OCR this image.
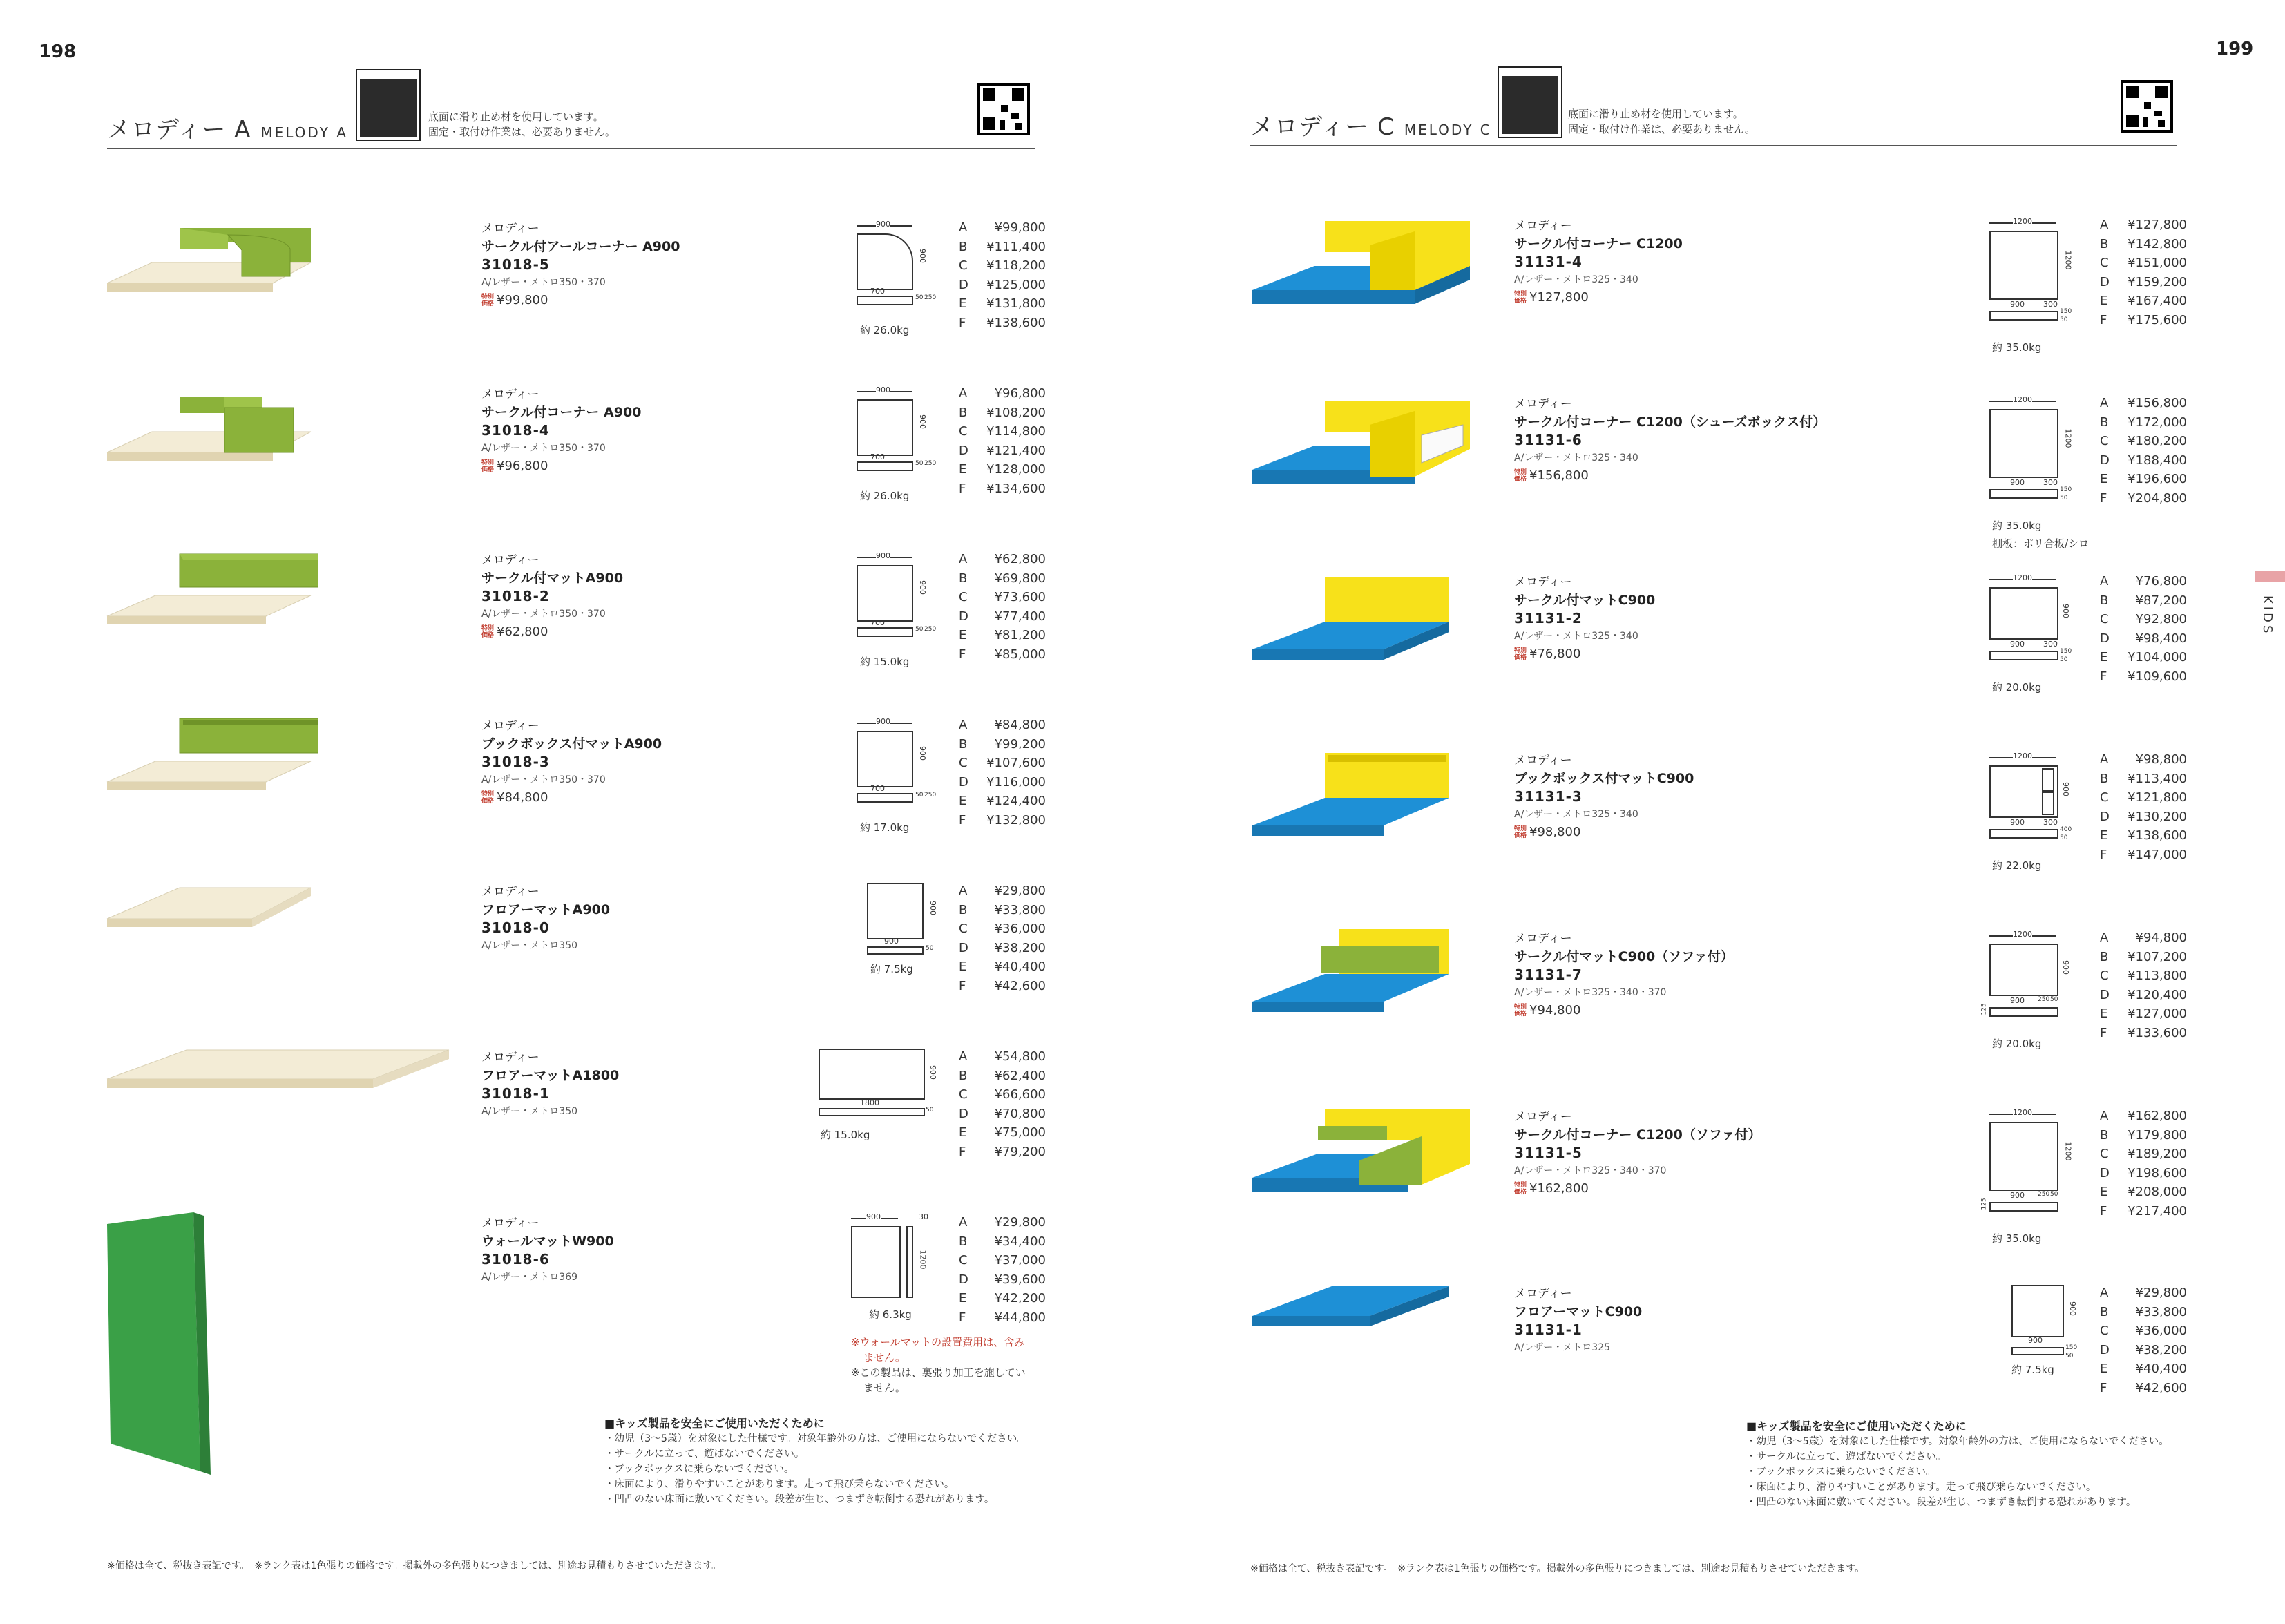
198
メロディー A MELODY A
底面に滑り止め材を使用しています。
固定・取付け作業は、必要ありません。
メロディー
サークル付アールコーナー A900
31018-5
A/レザー・メトロ350・370
特別価格 ¥99,800
メロディー
サークル付コーナー A900
31018-4
A/レザー・メトロ350・370
特別価格 ¥96,800
メロディー
サークル付マットA900
31018-2
A/レザー・メトロ350・370
特別価格 ¥62,800
メロディー
ブックボックス付マットA900
31018-3
A/レザー・メトロ350・370
特別価格 ¥84,800
メロディー
フロアーマットA900
31018-0
A/レザー・メトロ350
メロディー
フロアーマットA1800
31018-1
A/レザー・メトロ350
メロディー
ウォールマットW900
31018-6
A/レザー・メトロ369
900
900
700
50 250
約 26.0kg
900
900
700
50 250
約 26.0kg
900
900
700
50 250
約 15.0kg
900
900
700
50 250
約 17.0kg
900
900
50
約 7.5kg
900
1800
50
約 15.0kg
900	30
1200
約 6.3kg
A	¥99,800
B	¥111,400
C	¥118,200
D	¥125,000
E	¥131,800
F	¥138,600
A	¥96,800
B	¥108,200
C	¥114,800
D	¥121,400
E	¥128,000
F	¥134,600
A	¥62,800
B	¥69,800
C	¥73,600
D	¥77,400
E	¥81,200
F	¥85,000
A	¥84,800
B	¥99,200
C	¥107,600
D	¥116,000
E	¥124,400
F	¥132,800
A	¥29,800
B	¥33,800
C	¥36,000
D	¥38,200
E	¥40,400
F	¥42,600
A	¥54,800
B	¥62,400
C	¥66,600
D	¥70,800
E	¥75,000
F	¥79,200
A	¥29,800
B	¥34,400
C	¥37,000
D	¥39,600
E	¥42,200
F	¥44,800
※ウォールマットの設置費用は、含み
ません。
※この製品は、裏張り加工を施してい
ません。
■キッズ製品を安全にご使用いただくために
・幼児（3～5歳）を対象にした仕様です。対象年齢外の方は、ご使用にならないでください。
・サークルに立って、遊ばないでください。
・ブックボックスに乗らないでください。
・床面により、滑りやすいことがあります。走って飛び乗らないでください。
・凹凸のない床面に敷いてください。段差が生じ、つまずき転倒する恐れがあります。
※価格は全て、税抜き表記です。　※ランク表は1色張りの価格です。掲載外の多色張りにつきましては、別途お見積もりさせていただきます。
199
メロディー C MELODY C
底面に滑り止め材を使用しています。
固定・取付け作業は、必要ありません。
KIDS
メロディー
サークル付コーナー C1200
31131-4
A/レザー・メトロ325・340
特別価格 ¥127,800
メロディー
サークル付コーナー C1200（シューズボックス付）
31131-6
A/レザー・メトロ325・340
特別価格 ¥156,800
メロディー
サークル付マットC900
31131-2
A/レザー・メトロ325・340
特別価格 ¥76,800
メロディー
ブックボックス付マットC900
31131-3
A/レザー・メトロ325・340
特別価格 ¥98,800
メロディー
サークル付マットC900（ソファ付）
31131-7
A/レザー・メトロ325・340・370
特別価格 ¥94,800
メロディー
サークル付コーナー C1200（ソファ付）
31131-5
A/レザー・メトロ325・340・370
特別価格 ¥162,800
メロディー
フロアーマットC900
31131-1
A/レザー・メトロ325
1200
1200
900 300
150
50
約 35.0kg
1200
1200
900 300
150
50
約 35.0kg
棚板：ポリ合板/シロ
1200
900
900 300
150
50
約 20.0kg
1200
900
900 300
400
50
約 22.0kg
1200
900
900 250 50
125
約 20.0kg
1200
1200
900 250 50
125
約 35.0kg
900
900
150
50
約 7.5kg
A	¥127,800
B	¥142,800
C	¥151,000
D	¥159,200
E	¥167,400
F	¥175,600
A	¥156,800
B	¥172,000
C	¥180,200
D	¥188,400
E	¥196,600
F	¥204,800
A	¥76,800
B	¥87,200
C	¥92,800
D	¥98,400
E	¥104,000
F	¥109,600
A	¥98,800
B	¥113,400
C	¥121,800
D	¥130,200
E	¥138,600
F	¥147,000
A	¥94,800
B	¥107,200
C	¥113,800
D	¥120,400
E	¥127,000
F	¥133,600
A	¥162,800
B	¥179,800
C	¥189,200
D	¥198,600
E	¥208,000
F	¥217,400
A	¥29,800
B	¥33,800
C	¥36,000
D	¥38,200
E	¥40,400
F	¥42,600
■キッズ製品を安全にご使用いただくために
・幼児（3～5歳）を対象にした仕様です。対象年齢外の方は、ご使用にならないでください。
・サークルに立って、遊ばないでください。
・ブックボックスに乗らないでください。
・床面により、滑りやすいことがあります。走って飛び乗らないでください。
・凹凸のない床面に敷いてください。段差が生じ、つまずき転倒する恐れがあります。
※価格は全て、税抜き表記です。　※ランク表は1色張りの価格です。掲載外の多色張りにつきましては、別途お見積もりさせていただきます。
